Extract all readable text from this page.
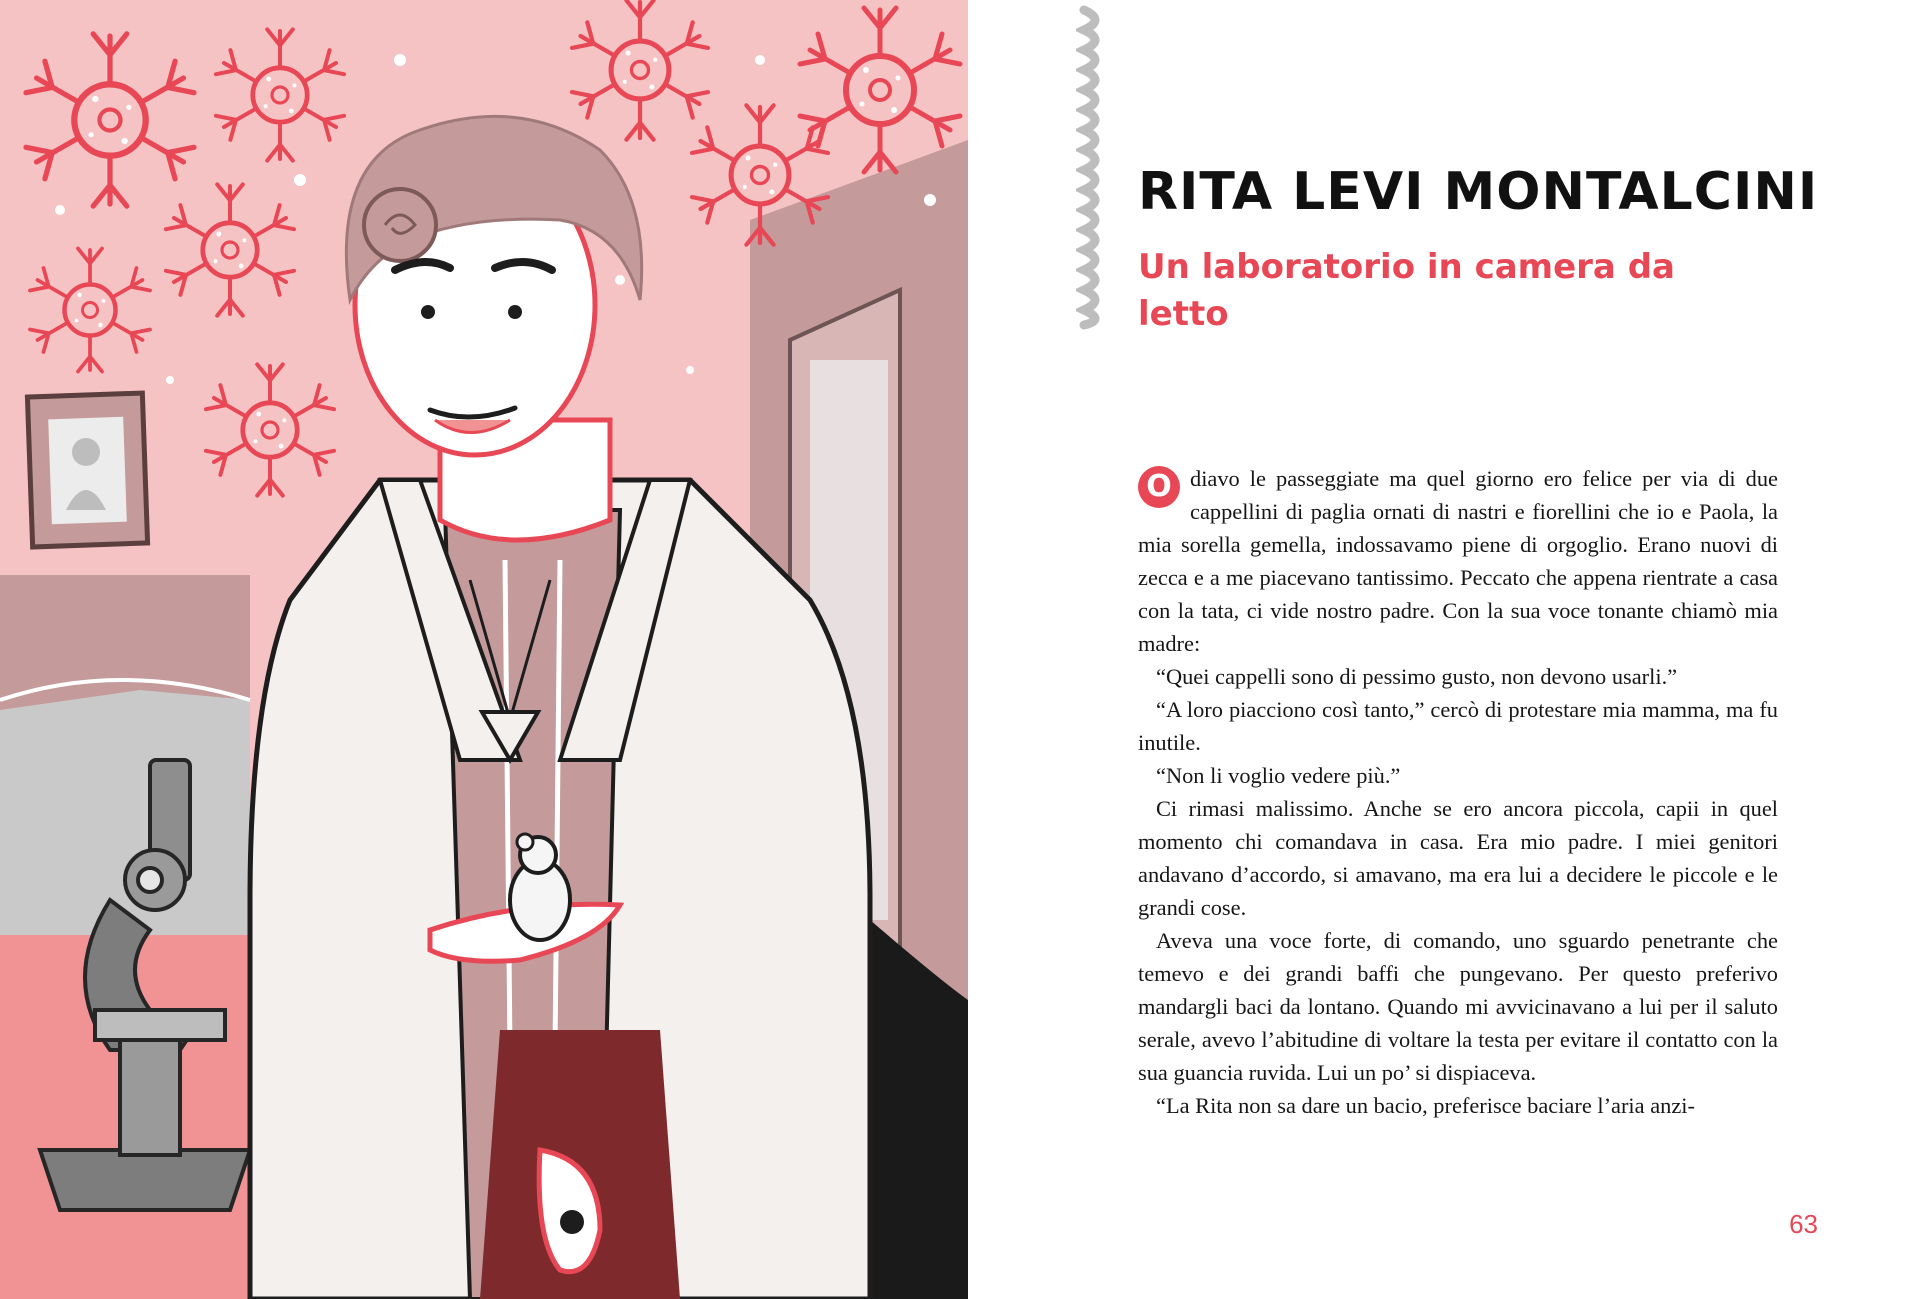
RITA LEVI MONTALCINI
Un laboratorio in camera da letto

O diavo le passeggiate ma quel giorno ero felice per via di due cappellini di paglia ornati di nastri e fiorellini che io e Paola, la mia sorella gemella, indossavamo piene di orgoglio. Erano nuovi di zecca e a me piacevano tantissimo. Peccato che appena rientrate a casa con la tata, ci vide nostro padre. Con la sua voce tonante chiamò mia madre:

“Quei cappelli sono di pessimo gusto, non devono usarli.”

“A loro piacciono così tanto,” cercò di protestare mia mamma, ma fu inutile.

“Non li voglio vedere più.”

Ci rimasi malissimo. Anche se ero ancora piccola, capii in quel momento chi comandava in casa. Era mio padre. I miei genitori andavano d’accordo, si amavano, ma era lui a decidere le piccole e le grandi cose.

Aveva una voce forte, di comando, uno sguardo penetrante che temevo e dei grandi baffi che pungevano. Per questo preferivo mandargli baci da lontano. Quando mi avvicinavano a lui per il saluto serale, avevo l’abitudine di voltare la testa per evitare il contatto con la sua guancia ruvida. Lui un po’ si dispiaceva.

“La Rita non sa dare un bacio, preferisce baciare l’aria anzi-

63
